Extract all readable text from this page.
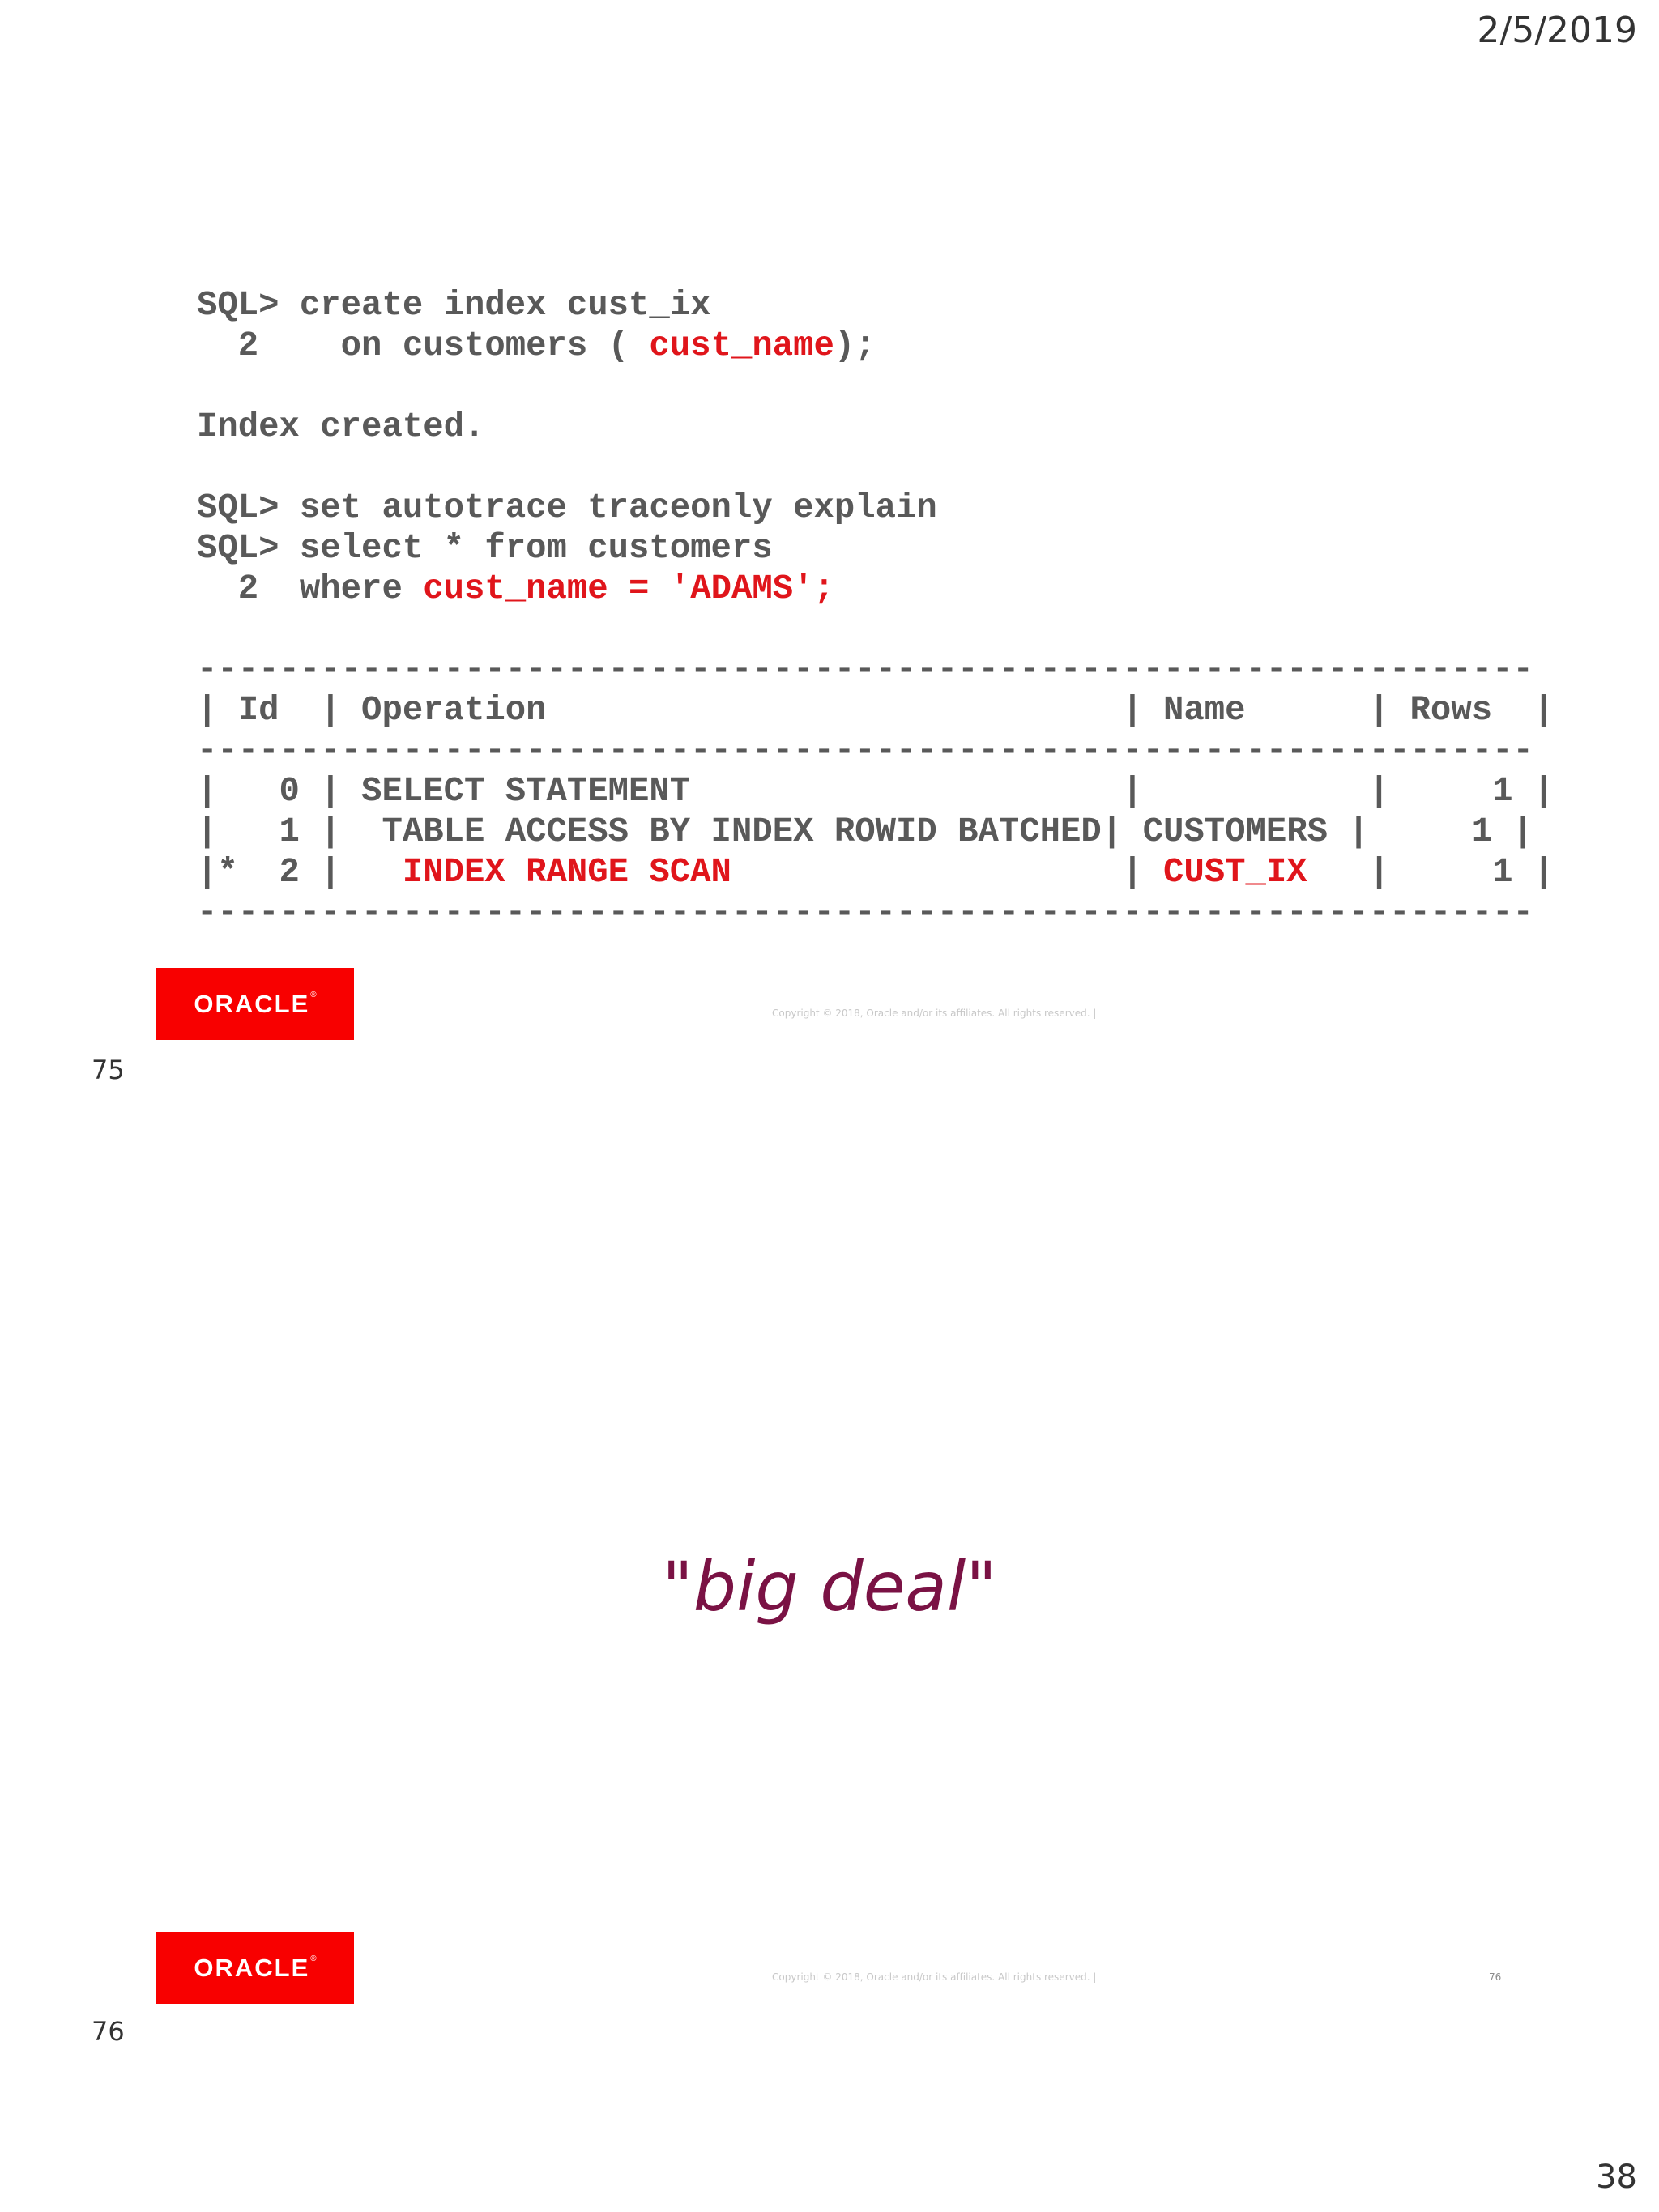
2/5/2019
SQL> create index cust_ix
2    on customers ( cust_name);

Index created.

SQL> set autotrace traceonly explain
SQL> select * from customers
2  where cust_name = 'ADAMS';

-----------------------------------------------------------------
| Id  | Operation                            | Name      | Rows  |
-----------------------------------------------------------------
|   0 | SELECT STATEMENT                     |           |     1 |
|   1 |  TABLE ACCESS BY INDEX ROWID BATCHED| CUSTOMERS |     1 |
|*  2 |   INDEX RANGE SCAN                   | CUST_IX   |     1 |
-----------------------------------------------------------------
ORACLE ®
Copyright © 2018, Oracle and/or its affiliates. All rights reserved. |
75
ORACLE ®
Copyright © 2018, Oracle and/or its affiliates. All rights reserved. |	76
"big deal"
76
38
